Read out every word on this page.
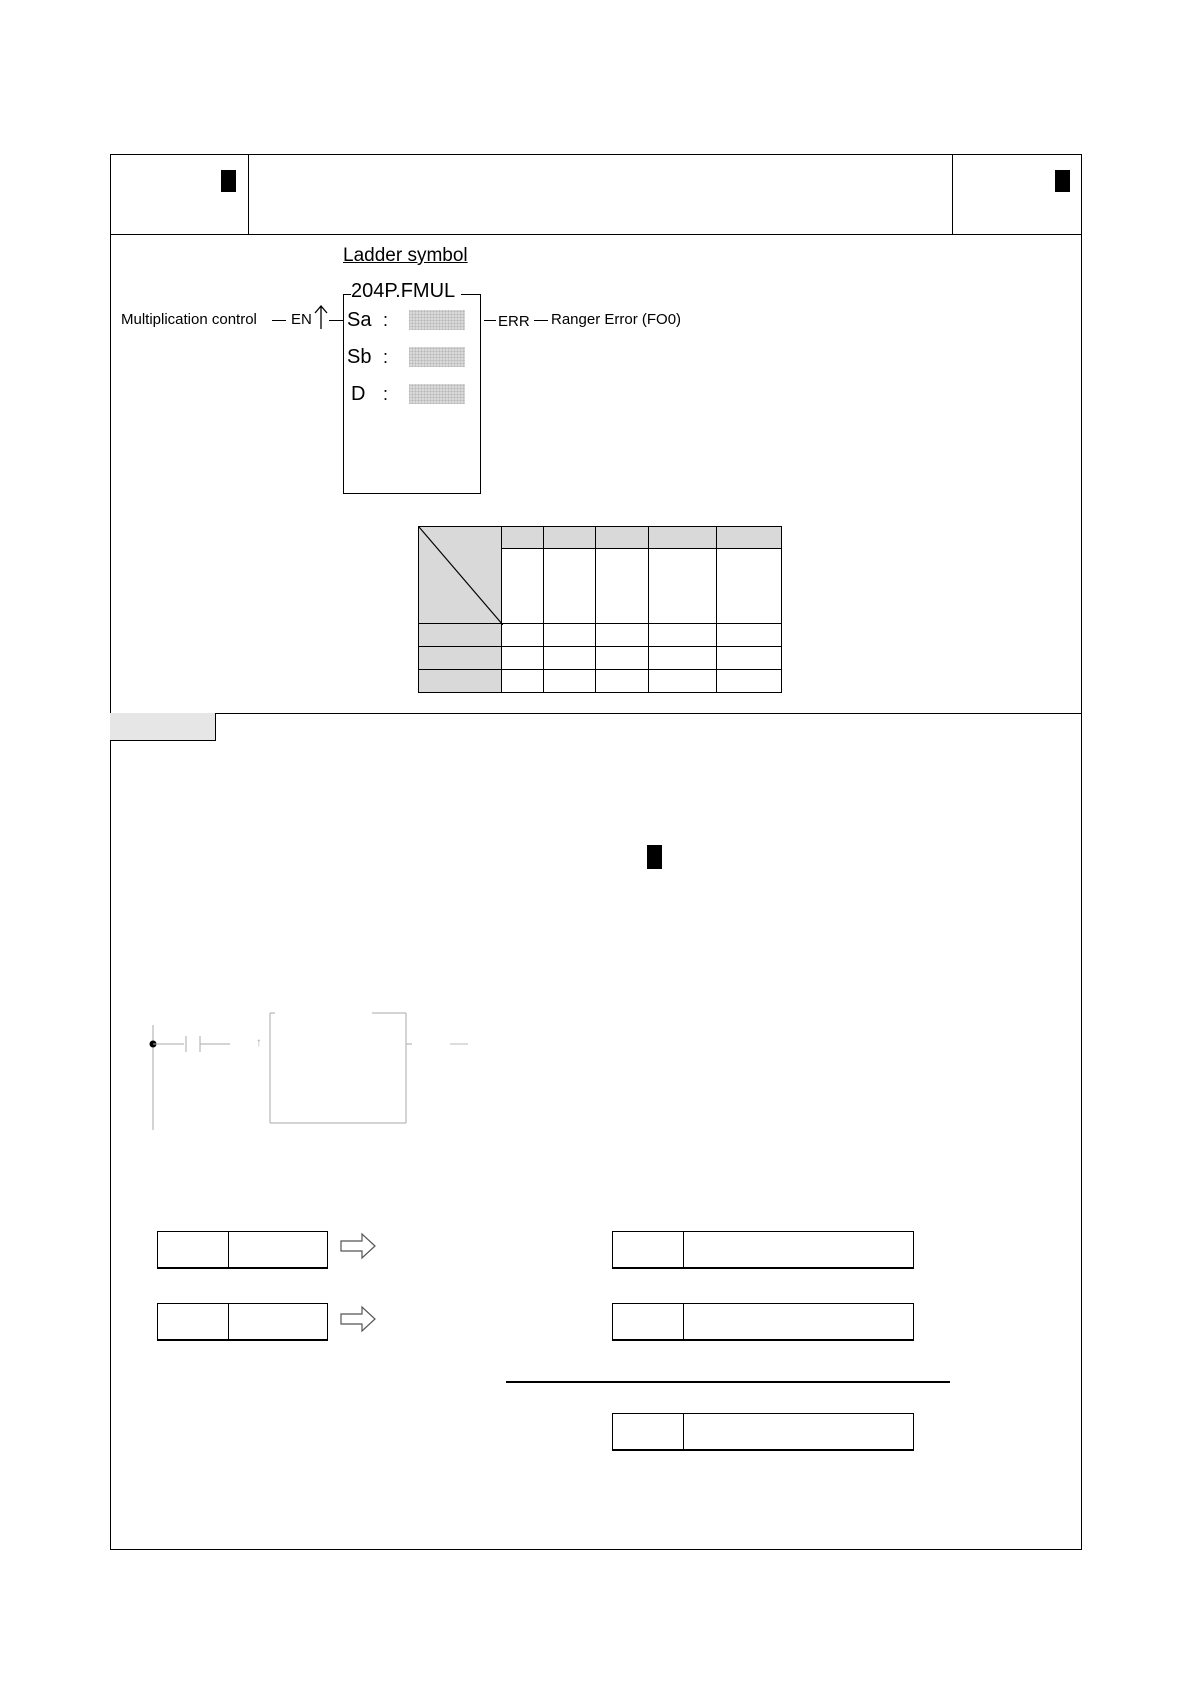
Ladder symbol
204P.FMUL
Multiplication control EN Sa :
Sb :
D :
ERR Ranger Error (FO0)
↑
